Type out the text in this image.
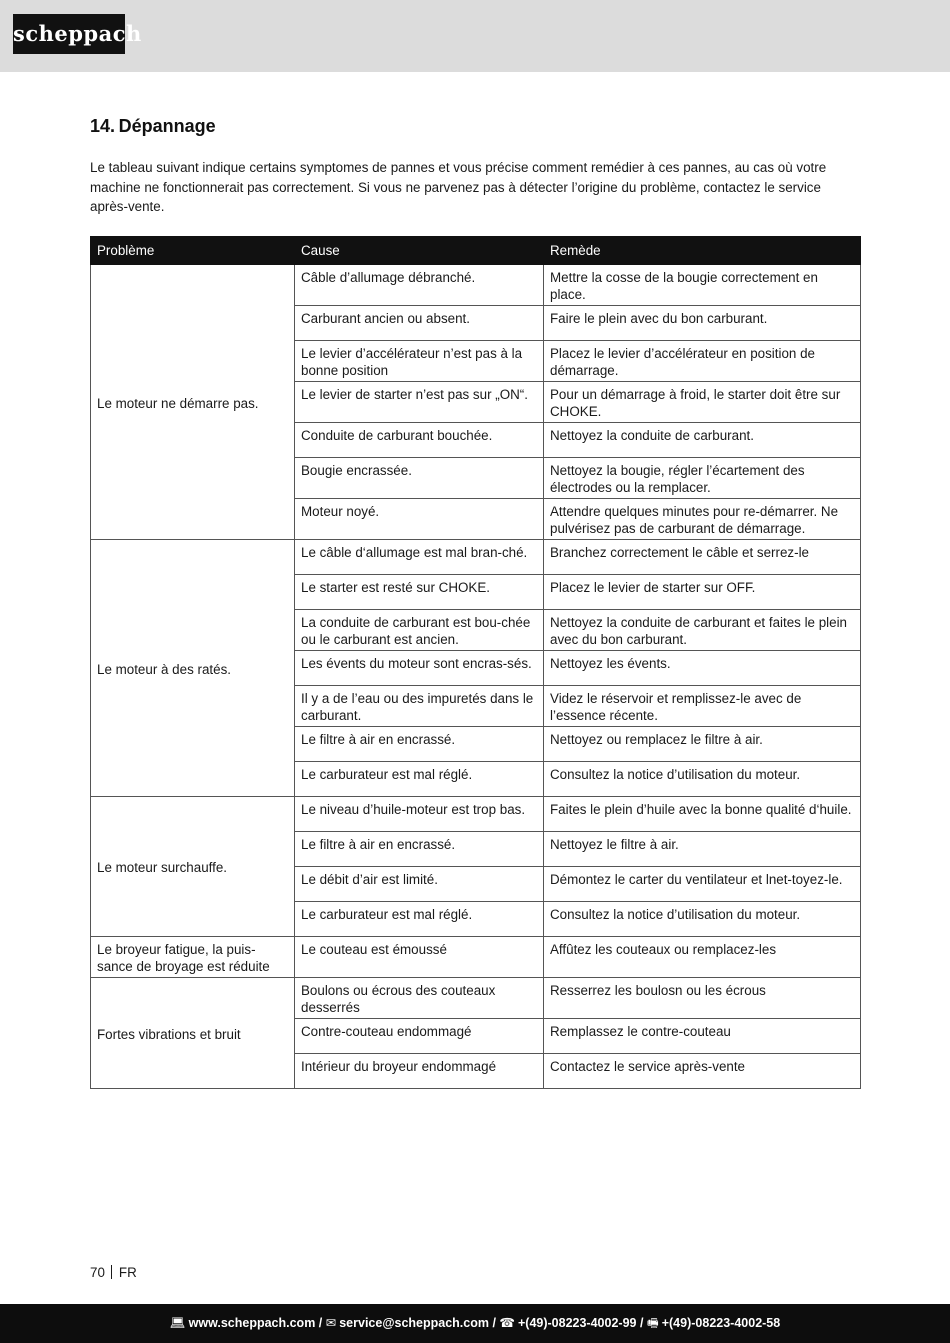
scheppach
14. Dépannage

Le tableau suivant indique certains symptomes de pannes et vous précise comment remédier à ces pannes, au cas où votre machine ne fonctionnerait pas correctement. Si vous ne parvenez pas à détecter l’origine du problème, contactez le service après-vente.

Problème	Cause	Remède
Le moteur ne démarre pas.	Câble d’allumage débranché.	Mettre la cosse de la bougie correctement en place.
	Carburant ancien ou absent.	Faire le plein avec du bon carburant.
	Le levier d’accélérateur n’est pas à la bonne position	Placez le levier d’accélérateur en position de démarrage.
	Le levier de starter n’est pas sur „ON“.	Pour un démarrage à froid, le starter doit être sur CHOKE.
	Conduite de carburant bouchée.	Nettoyez la conduite de carburant.
	Bougie encrassée.	Nettoyez la bougie, régler l’écartement des électrodes ou la remplacer.
	Moteur noyé.	Attendre quelques minutes pour re-démarrer. Ne pulvérisez pas de carburant de démarrage.
Le moteur à des ratés.	Le câble d‘allumage est mal bran-ché.	Branchez correctement le câble et serrez-le
	Le starter est resté sur CHOKE.	Placez le levier de starter sur OFF.
	La conduite de carburant est bou-chée ou le carburant est ancien.	Nettoyez la conduite de carburant et faites le plein avec du bon carburant.
	Les évents du moteur sont encras-sés.	Nettoyez les évents.
	Il y a de l’eau ou des impuretés dans le carburant.	Videz le réservoir et remplissez-le avec de l’essence récente.
	Le filtre à air en encrassé.	Nettoyez ou remplacez le filtre à air.
	Le carburateur est mal réglé.	Consultez la notice d’utilisation du moteur.
Le moteur surchauffe.	Le niveau d’huile-moteur est trop bas.	Faites le plein d’huile avec la bonne qualité d‘huile.
	Le filtre à air en encrassé.	Nettoyez le filtre à air.
	Le débit d’air est limité.	Démontez le carter du ventilateur et lnet-toyez-le.
	Le carburateur est mal réglé.	Consultez la notice d’utilisation du moteur.
Le broyeur fatigue, la puis-sance de broyage est réduite	Le couteau est émoussé	Affûtez les couteaux ou remplacez-les
Fortes vibrations et bruit	Boulons ou écrous des couteaux desserrés	Resserrez les boulosn ou les écrous
	Contre-couteau endommagé	Remplassez le contre-couteau
	Intérieur du broyeur endommagé	Contactez le service après-vente
70 FR
💻︎ www.scheppach.com / ✉︎ service@scheppach.com / ☎︎ +(49)-08223-4002-99 / 🖷︎ +(49)-08223-4002-58
